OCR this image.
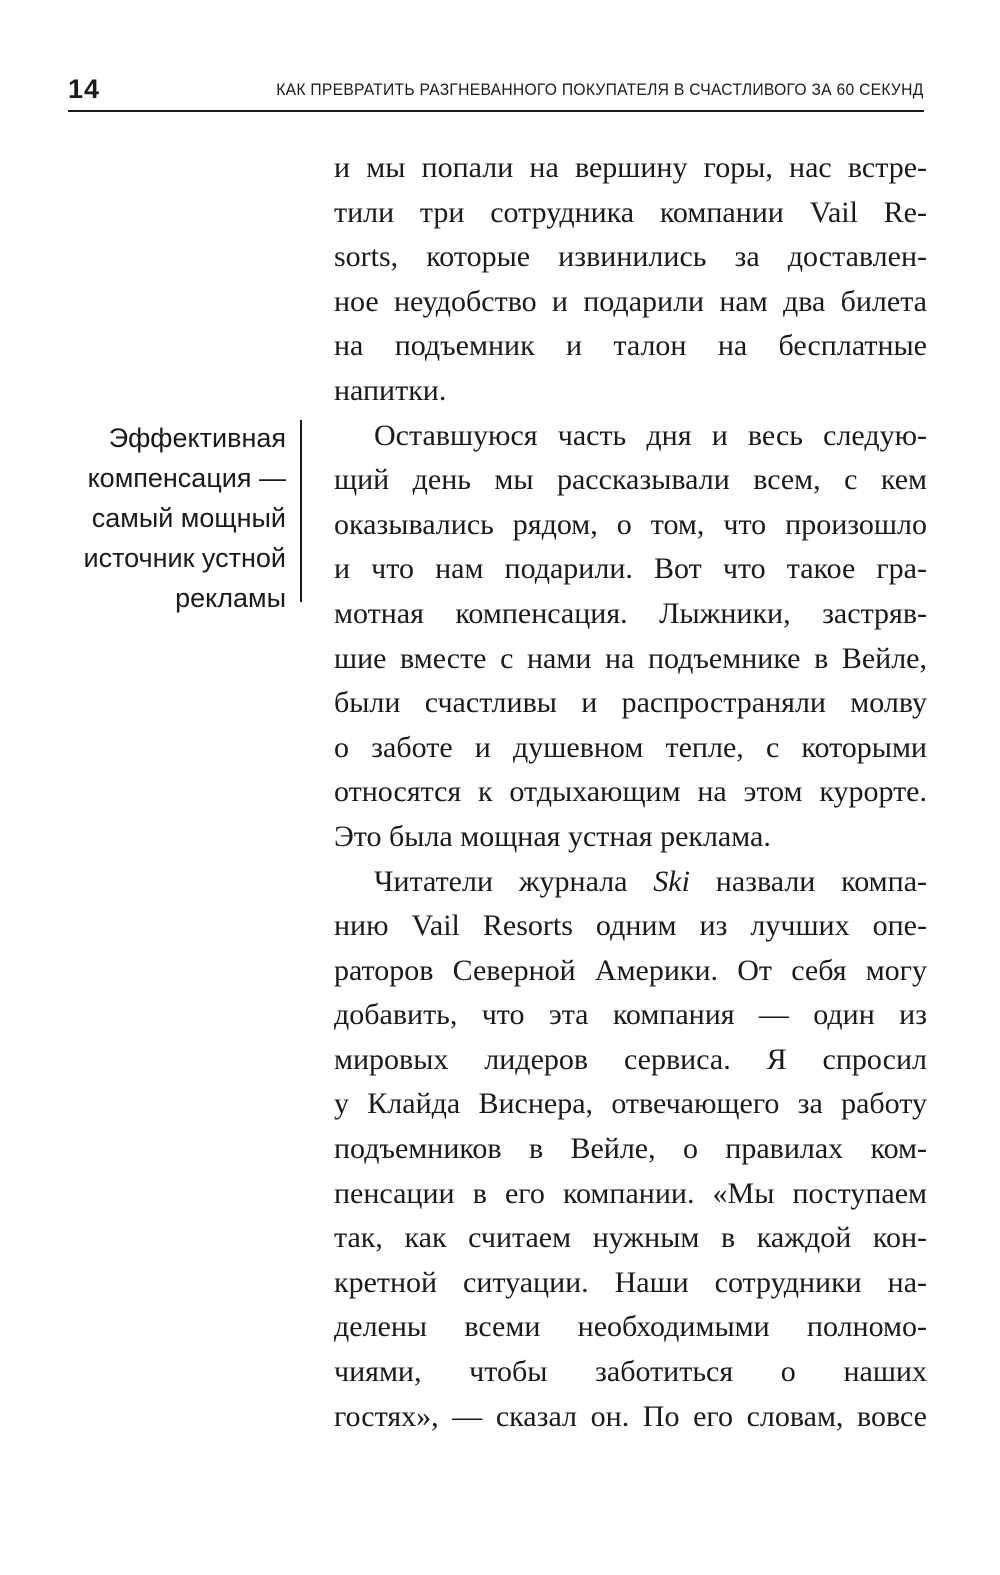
14	КАК ПРЕВРАТИТЬ РАЗГНЕВАННОГО ПОКУПАТЕЛЯ В СЧАСТЛИВОГО ЗА 60 СЕКУНД
Эффективная
компенсация —
самый мощный
источник устной
рекламы
и мы попали на вершину горы, нас встре-
тили три сотрудника компании Vail Re-
sorts, которые извинились за доставлен-
ное неудобство и подарили нам два билета
на подъемник и талон на бесплатные
напитки.
Оставшуюся часть дня и весь следую-
щий день мы рассказывали всем, с кем
оказывались рядом, о том, что произошло
и что нам подарили. Вот что такое гра-
мотная компенсация. Лыжники, застряв-
шие вместе с нами на подъемнике в Вейле,
были счастливы и распространяли молву
о заботе и душевном тепле, с которыми
относятся к отдыхающим на этом курорте.
Это была мощная устная реклама.
Читатели журнала Ski назвали компа-
нию Vail Resorts одним из лучших опе-
раторов Северной Америки. От себя могу
добавить, что эта компания — один из
мировых лидеров сервиса. Я спросил
у Клайда Виснера, отвечающего за работу
подъемников в Вейле, о правилах ком-
пенсации в его компании. «Мы поступаем
так, как считаем нужным в каждой кон-
кретной ситуации. Наши сотрудники на-
делены всеми необходимыми полномо-
чиями, чтобы заботиться о наших
гостях», — сказал он. По его словам, вовсе
